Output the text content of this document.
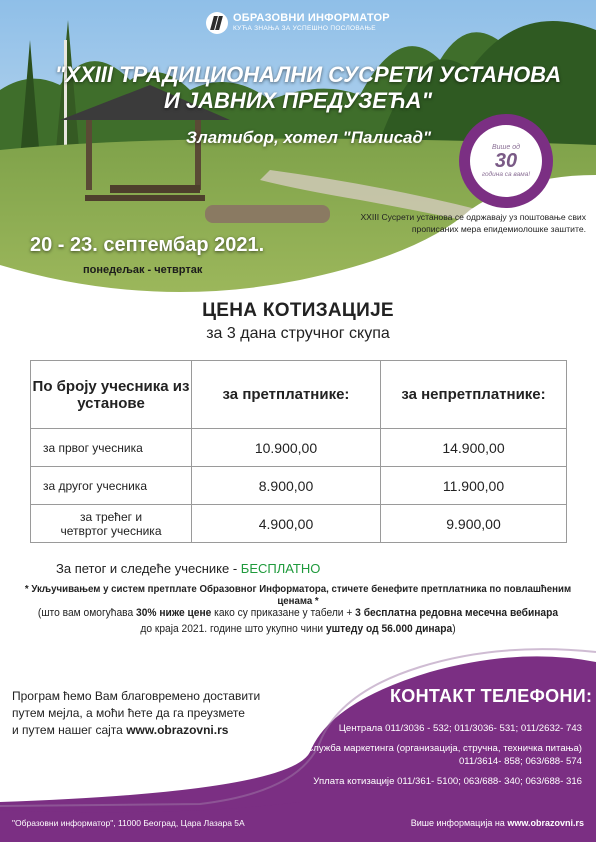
ОБРАЗОВНИ ИНФОРМАТОР
КУЋА ЗНАЊА ЗА УСПЕШНО ПОСЛОВАЊЕ
"XXIII ТРАДИЦИОНАЛНИ СУСРЕТИ УСТАНОВА
И ЈАВНИХ ПРЕДУЗЕЋА"
Златибор, хотел "Палисад"
Више од
30
година са вама!
XXIII Сусрети установа се одржавају уз поштовање свих прописаних мера епидемиолошке заштите.
20 - 23. септембар 2021.
понедељак - четвртак
ЦЕНА КОТИЗАЦИЈЕ
за 3 дана стручног скупа
По броју учесника из установе	за претплатнике:	за непретплатнике:
за првог учесника	10.900,00	14.900,00
за другог учесника	8.900,00	11.900,00

за трећег и
четвртог учесника	4.900,00	9.900,00
За петог и следеће учеснике - БЕСПЛАТНО
* Укључивањем у систем претплате Образовног Информатора, стичете бенефите претплатника по повлашћеним ценама *
(што вам омогућава 30% ниже цене како су приказане у табели + 3 бесплатна редовна месечна вебинара
до краја 2021. године што укупно чини уштеду од 56.000 динара)
Програм ћемо Вам благовремено доставити
путем мејла, а моћи ћете да га преузмете
и путем нашег сајта www.obrazovni.rs
КОНТАКТ ТЕЛЕФОНИ:
Централа 011/3036 - 532; 011/3036- 531; 011/2632- 743
Служба маркетинга (организација, стручна, техничка питања)
011/3614- 858; 063/688- 574
Уплата котизације 011/361- 5100; 063/688- 340; 063/688- 316
"Образовни информатор", 11000 Београд, Цара Лазара 5А	Више информација на www.obrazovni.rs
